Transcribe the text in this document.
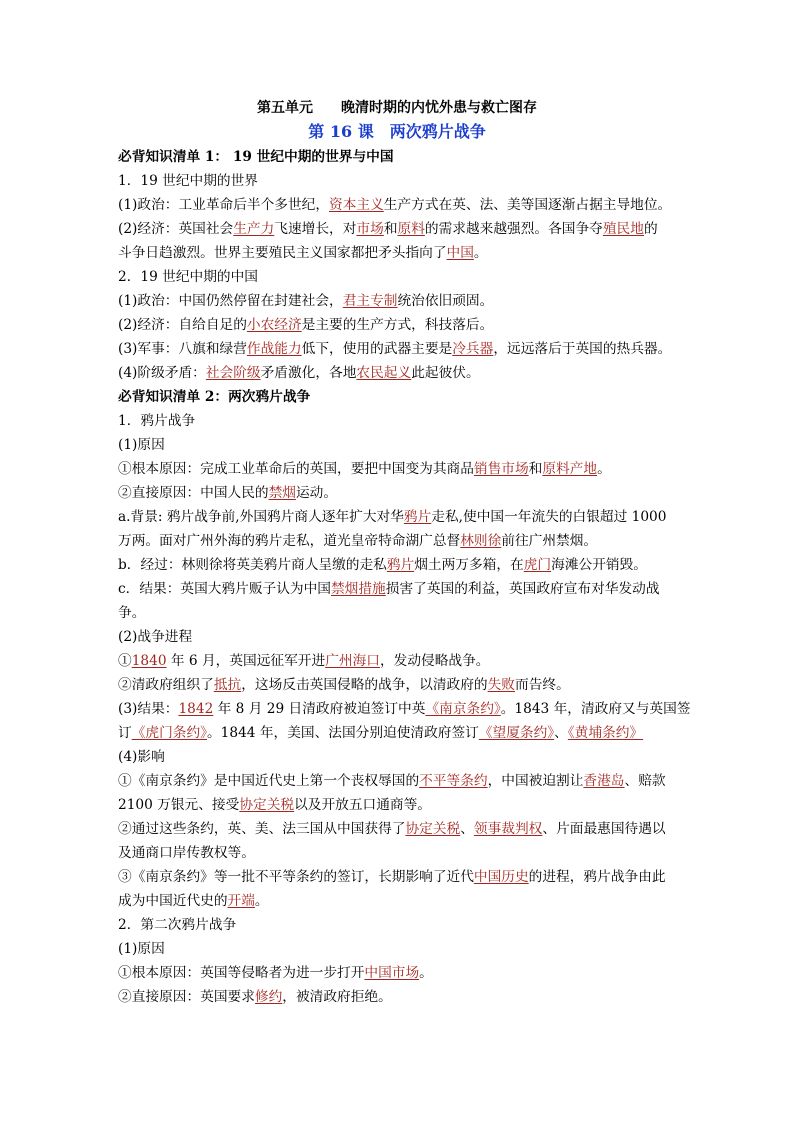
第五单元　　晚清时期的内忧外患与救亡图存
第 16 课　两次鸦片战争
必背知识清单 1： 19 世纪中期的世界与中国
1．19 世纪中期的世界
(1)政治：工业革命后半个多世纪，资本主义生产方式在英、法、美等国逐渐占据主导地位。
(2)经济：英国社会生产力飞速增长，对市场和原料的需求越来越强烈。各国争夺殖民地的
斗争日趋激烈。世界主要殖民主义国家都把矛头指向了中国。
2．19 世纪中期的中国
(1)政治：中国仍然停留在封建社会，君主专制统治依旧顽固。
(2)经济：自给自足的小农经济是主要的生产方式，科技落后。
(3)军事：八旗和绿营作战能力低下，使用的武器主要是冷兵器，远远落后于英国的热兵器。
(4)阶级矛盾：社会阶级矛盾激化，各地农民起义此起彼伏。
必背知识清单 2：两次鸦片战争
1．鸦片战争
(1)原因
①根本原因：完成工业革命后的英国，要把中国变为其商品销售市场和原料产地。
②直接原因：中国人民的禁烟运动。
a.背景: 鸦片战争前,外国鸦片商人逐年扩大对华鸦片走私,使中国一年流失的白银超过 1000
万两。面对广州外海的鸦片走私，道光皇帝特命湖广总督林则徐前往广州禁烟。
b．经过：林则徐将英美鸦片商人呈缴的走私鸦片烟土两万多箱，在虎门海滩公开销毁。
c．结果：英国大鸦片贩子认为中国禁烟措施损害了英国的利益，英国政府宣布对华发动战
争。
(2)战争进程
①1840 年 6 月，英国远征军开进广州海口，发动侵略战争。
②清政府组织了抵抗，这场反击英国侵略的战争，以清政府的失败而告终。
(3)结果：1842 年 8 月 29 日清政府被迫签订中英《南京条约》。1843 年，清政府又与英国签
订《虎门条约》。1844 年，美国、法国分别迫使清政府签订《望厦条约》、《黄埔条约》
(4)影响
①《南京条约》是中国近代史上第一个丧权辱国的不平等条约，中国被迫割让香港岛、赔款
2100 万银元、接受协定关税以及开放五口通商等。
②通过这些条约，英、美、法三国从中国获得了协定关税、领事裁判权、片面最惠国待遇以
及通商口岸传教权等。
③《南京条约》等一批不平等条约的签订，长期影响了近代中国历史的进程，鸦片战争由此
成为中国近代史的开端。
2．第二次鸦片战争
(1)原因
①根本原因：英国等侵略者为进一步打开中国市场。
②直接原因：英国要求修约，被清政府拒绝。
